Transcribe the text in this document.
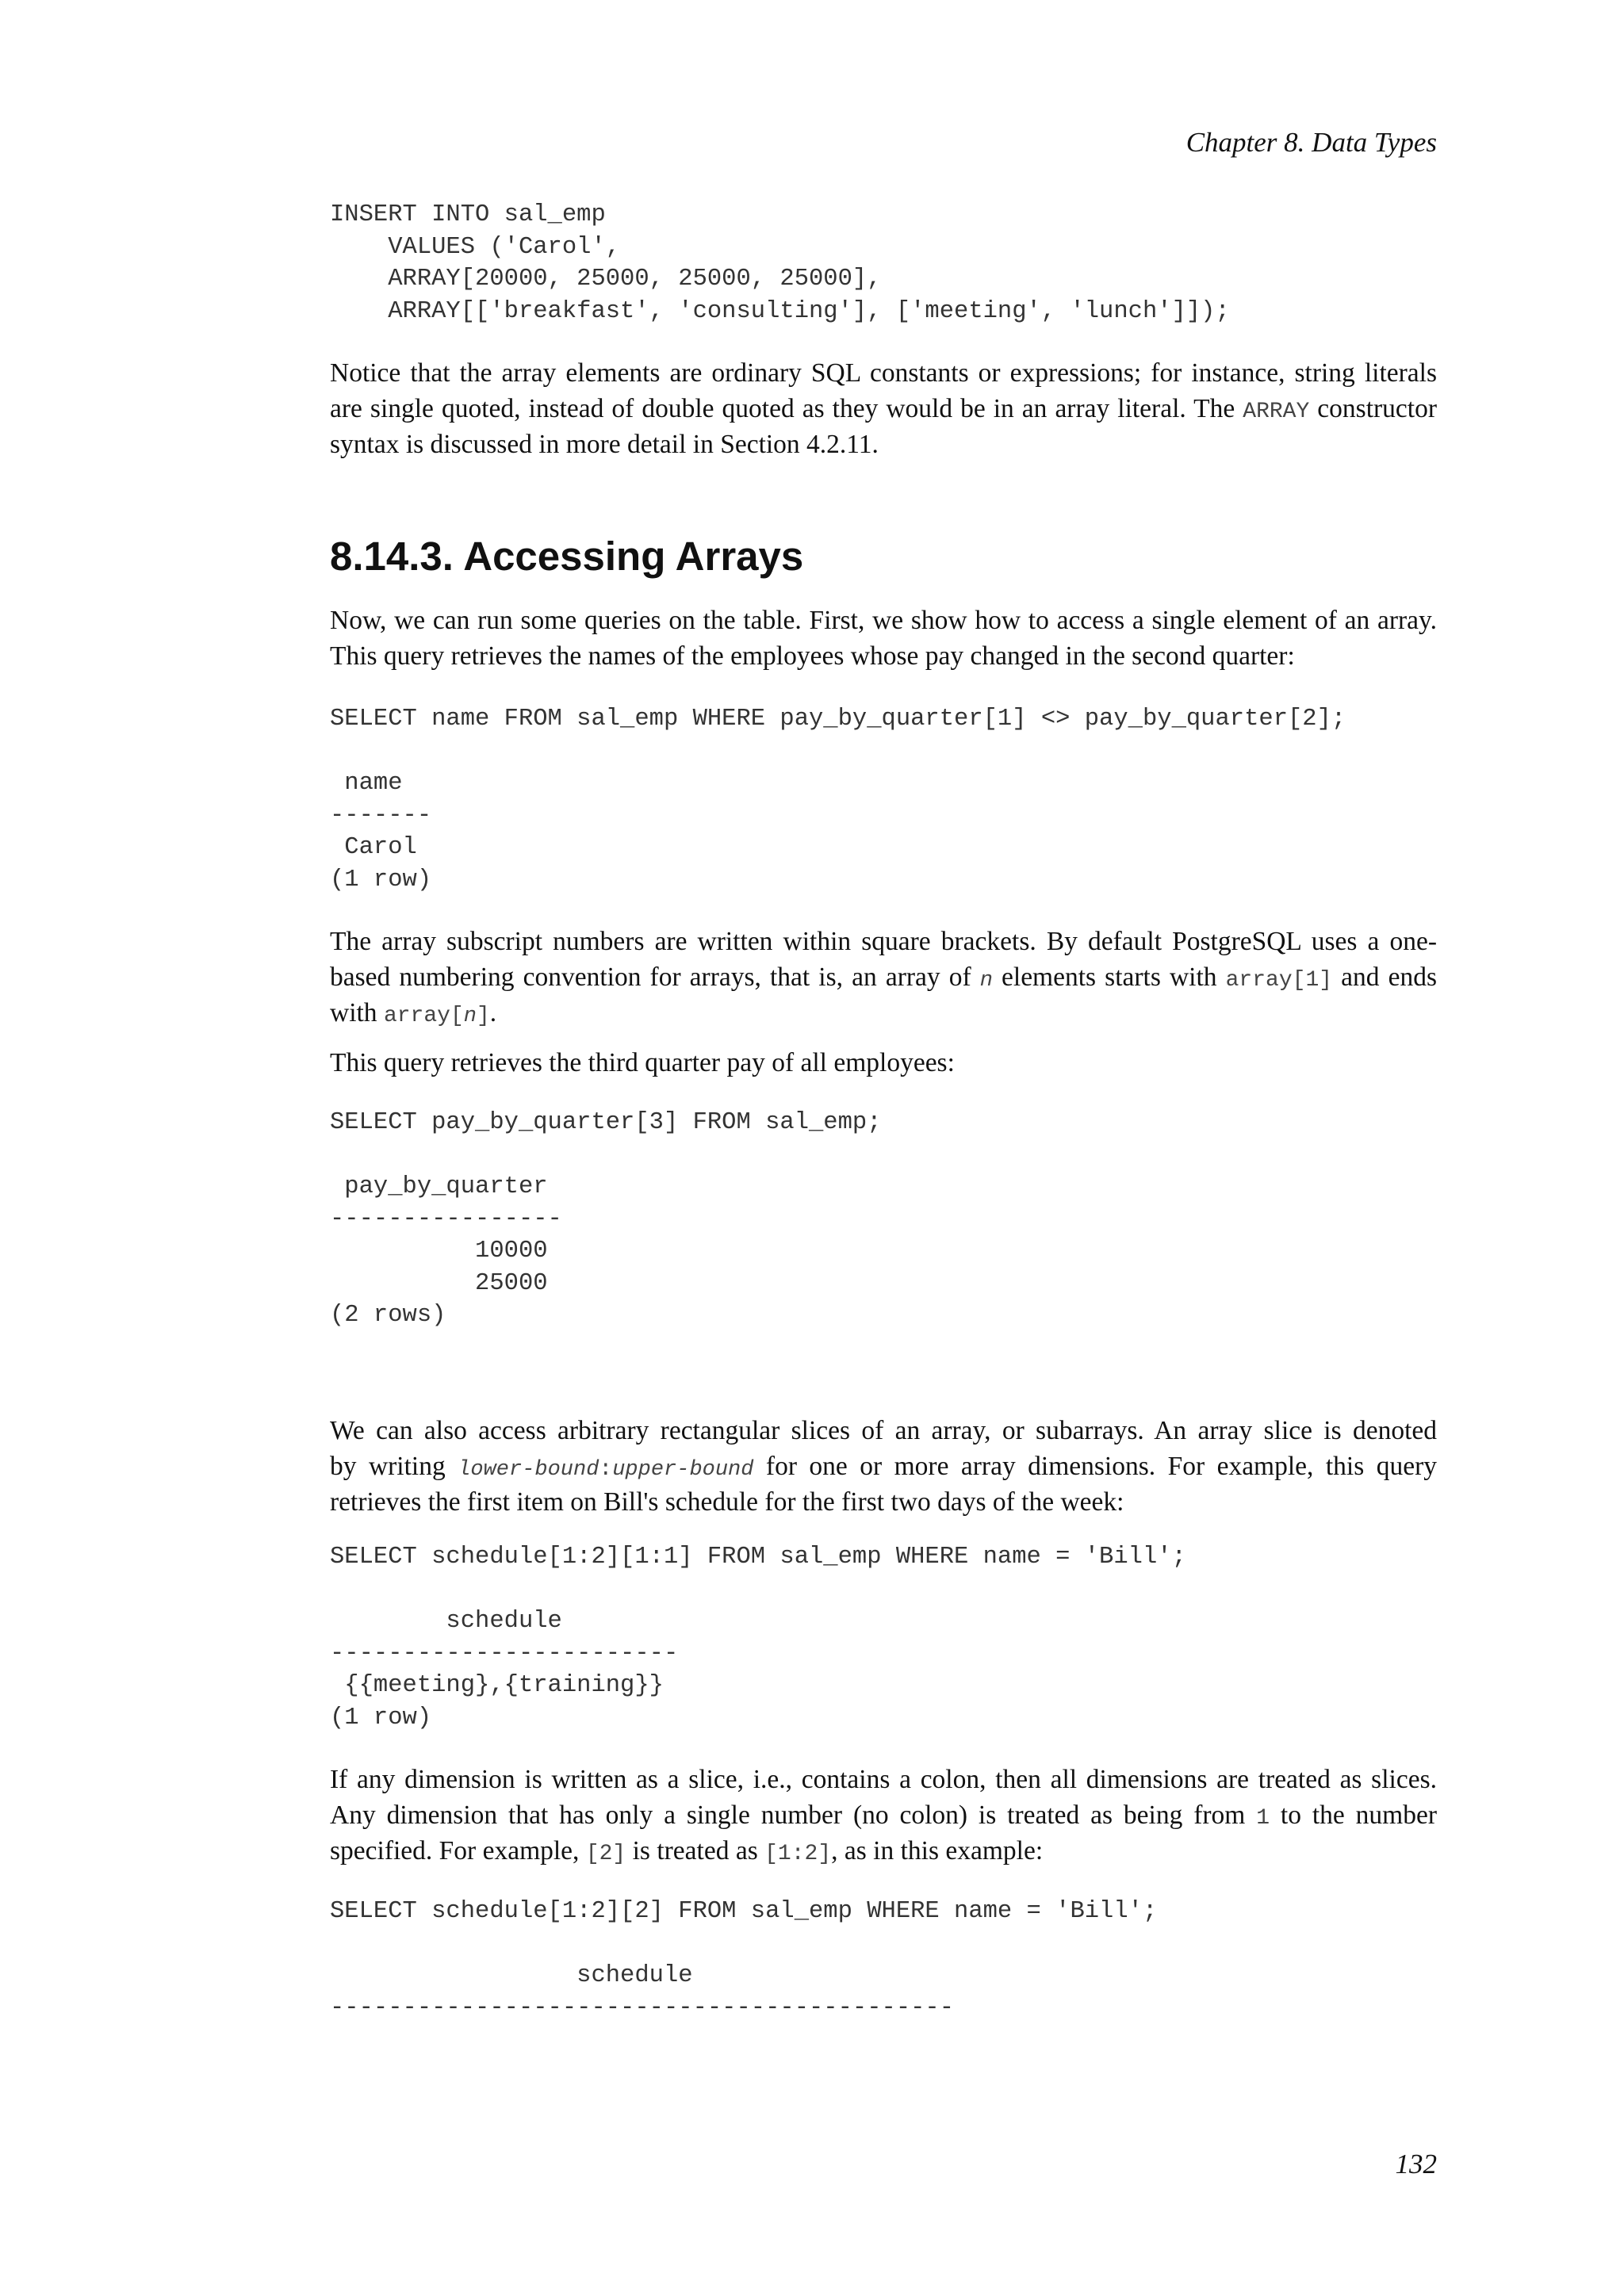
Chapter 8. Data Types
INSERT INTO sal_emp
VALUES ('Carol',
ARRAY[20000, 25000, 25000, 25000],
ARRAY[['breakfast', 'consulting'], ['meeting', 'lunch']]);
Notice that the array elements are ordinary SQL constants or expressions; for instance, string literals
are single quoted, instead of double quoted as they would be in an array literal. The ARRAY constructor
syntax is discussed in more detail in Section 4.2.11.
8.14.3. Accessing Arrays
Now, we can run some queries on the table. First, we show how to access a single element of an array.
This query retrieves the names of the employees whose pay changed in the second quarter:
SELECT name FROM sal_emp WHERE pay_by_quarter[1] <> pay_by_quarter[2];
name
-------
Carol
(1 row)
The array subscript numbers are written within square brackets. By default PostgreSQL uses a one-
based numbering convention for arrays, that is, an array of n elements starts with array[1] and ends
with array[n].
This query retrieves the third quarter pay of all employees:
SELECT pay_by_quarter[3] FROM sal_emp;
pay_by_quarter
----------------
10000
25000
(2 rows)
We can also access arbitrary rectangular slices of an array, or subarrays. An array slice is denoted
by writing lower-bound:upper-bound for one or more array dimensions. For example, this query
retrieves the first item on Bill's schedule for the first two days of the week:
SELECT schedule[1:2][1:1] FROM sal_emp WHERE name = 'Bill';
schedule
------------------------
{{meeting},{training}}
(1 row)
If any dimension is written as a slice, i.e., contains a colon, then all dimensions are treated as slices.
Any dimension that has only a single number (no colon) is treated as being from 1 to the number
specified. For example, [2] is treated as [1:2], as in this example:
SELECT schedule[1:2][2] FROM sal_emp WHERE name = 'Bill';
schedule
-------------------------------------------
132
